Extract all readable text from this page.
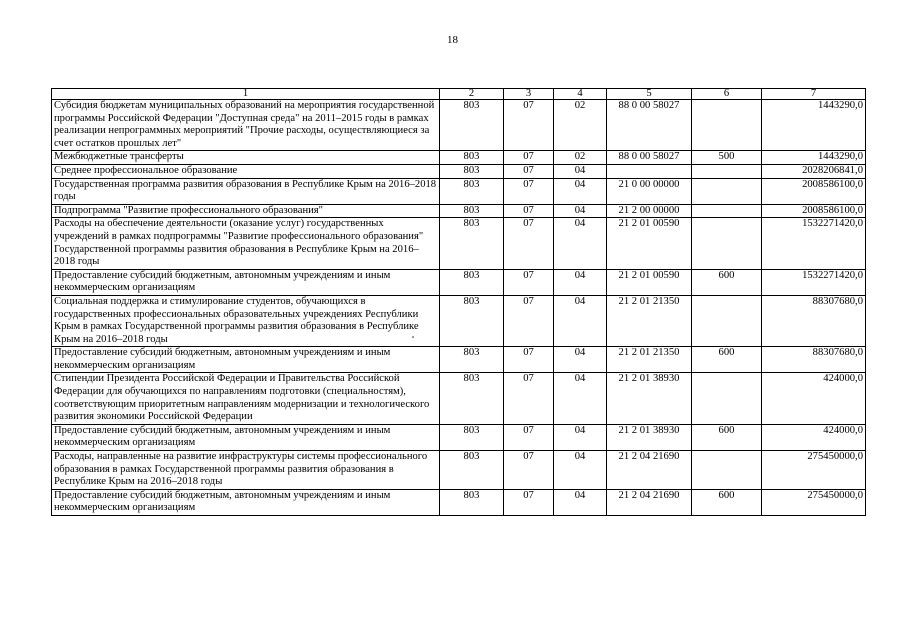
18
1	2	3	4	5	6	7
Субсидия бюджетам муниципальных образований на мероприятия государственной программы Российской Федерации "Доступная среда" на 2011–2015 годы в рамках реализации непрограммных мероприятий "Прочие расходы, осуществляющиеся за счет остатков прошлых лет"	803	07	02	88 0 00 58027		1443290,0
Межбюджетные трансферты	803	07	02	88 0 00 58027	500	1443290,0
Среднее профессиональное образование	803	07	04			2028206841,0
Государственная программа развития образования в Республике Крым на 2016–2018 годы	803	07	04	21 0 00 00000		2008586100,0
Подпрограмма "Развитие профессионального образования"	803	07	04	21 2 00 00000		2008586100,0
Расходы на обеспечение деятельности (оказание услуг) государственных учреждений в рамках подпрограммы "Развитие профессионального образования" Государственной программы развития образования в Республике Крым на 2016–2018 годы	803	07	04	21 2 01 00590		1532271420,0
Предоставление субсидий бюджетным, автономным учреждениям и иным некоммерческим организациям	803	07	04	21 2 01 00590	600	1532271420,0
Социальная поддержка и стимулирование студентов, обучающихся в государственных профессиональных образовательных учреждениях Республики Крым в рамках Государственной программы развития образования в Республике Крым на 2016–2018 годы	803	07	04	21 2 01 21350		88307680,0
Предоставление субсидий бюджетным, автономным учреждениям и иным некоммерческим организациям	803	07	04	21 2 01 21350	600	88307680,0
Стипендии Президента Российской Федерации и Правительства Российской Федерации для обучающихся по направлениям подготовки (специальностям), соответствующим приоритетным направлениям модернизации и технологического развития экономики Российской Федерации	803	07	04	21 2 01 38930		424000,0
Предоставление субсидий бюджетным, автономным учреждениям и иным некоммерческим организациям	803	07	04	21 2 01 38930	600	424000,0
Расходы, направленные на развитие инфраструктуры системы профессионального образования в рамках Государственной программы развития образования в Республике Крым на 2016–2018 годы	803	07	04	21 2 04 21690		275450000,0
Предоставление субсидий бюджетным, автономным учреждениям и иным некоммерческим организациям	803	07	04	21 2 04 21690	600	275450000,0
